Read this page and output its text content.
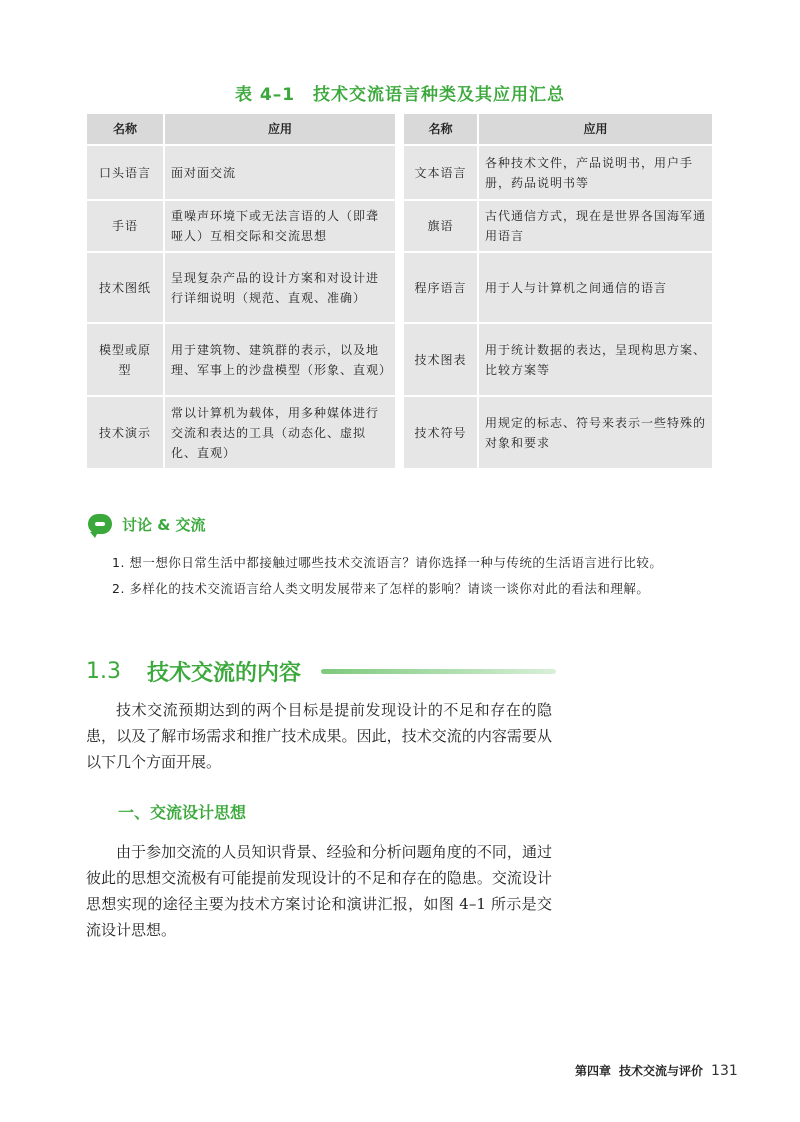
表 4–1　技术交流语言种类及其应用汇总
名称	应用
口头语言	面对面交流
手语	重噪声环境下或无法言语的人（即聋哑人）互相交际和交流思想
技术图纸	呈现复杂产品的设计方案和对设计进行详细说明（规范、直观、准确）
模型或原型	用于建筑物、建筑群的表示，以及地理、军事上的沙盘模型（形象、直观）
技术演示	常以计算机为载体，用多种媒体进行交流和表达的工具（动态化、虚拟化、直观）
名称	应用
文本语言	各种技术文件，产品说明书，用户手册，药品说明书等
旗语	古代通信方式，现在是世界各国海军通用语言
程序语言	用于人与计算机之间通信的语言
技术图表	用于统计数据的表达，呈现构思方案、比较方案等
技术符号	用规定的标志、符号来表示一些特殊的对象和要求
讨论 & 交流
1. 想一想你日常生活中都接触过哪些技术交流语言？请你选择一种与传统的生活语言进行比较。
2. 多样化的技术交流语言给人类文明发展带来了怎样的影响？请谈一谈你对此的看法和理解。
1.3 技术交流的内容

技术交流预期达到的两个目标是提前发现设计的不足和存在的隐患，以及了解市场需求和推广技术成果。因此，技术交流的内容需要从以下几个方面开展。

一、交流设计思想

由于参加交流的人员知识背景、经验和分析问题角度的不同，通过彼此的思想交流极有可能提前发现设计的不足和存在的隐患。交流设计思想实现的途径主要为技术方案讨论和演讲汇报，如图 4–1 所示是交流设计思想。

第四章 技术交流与评价 131
